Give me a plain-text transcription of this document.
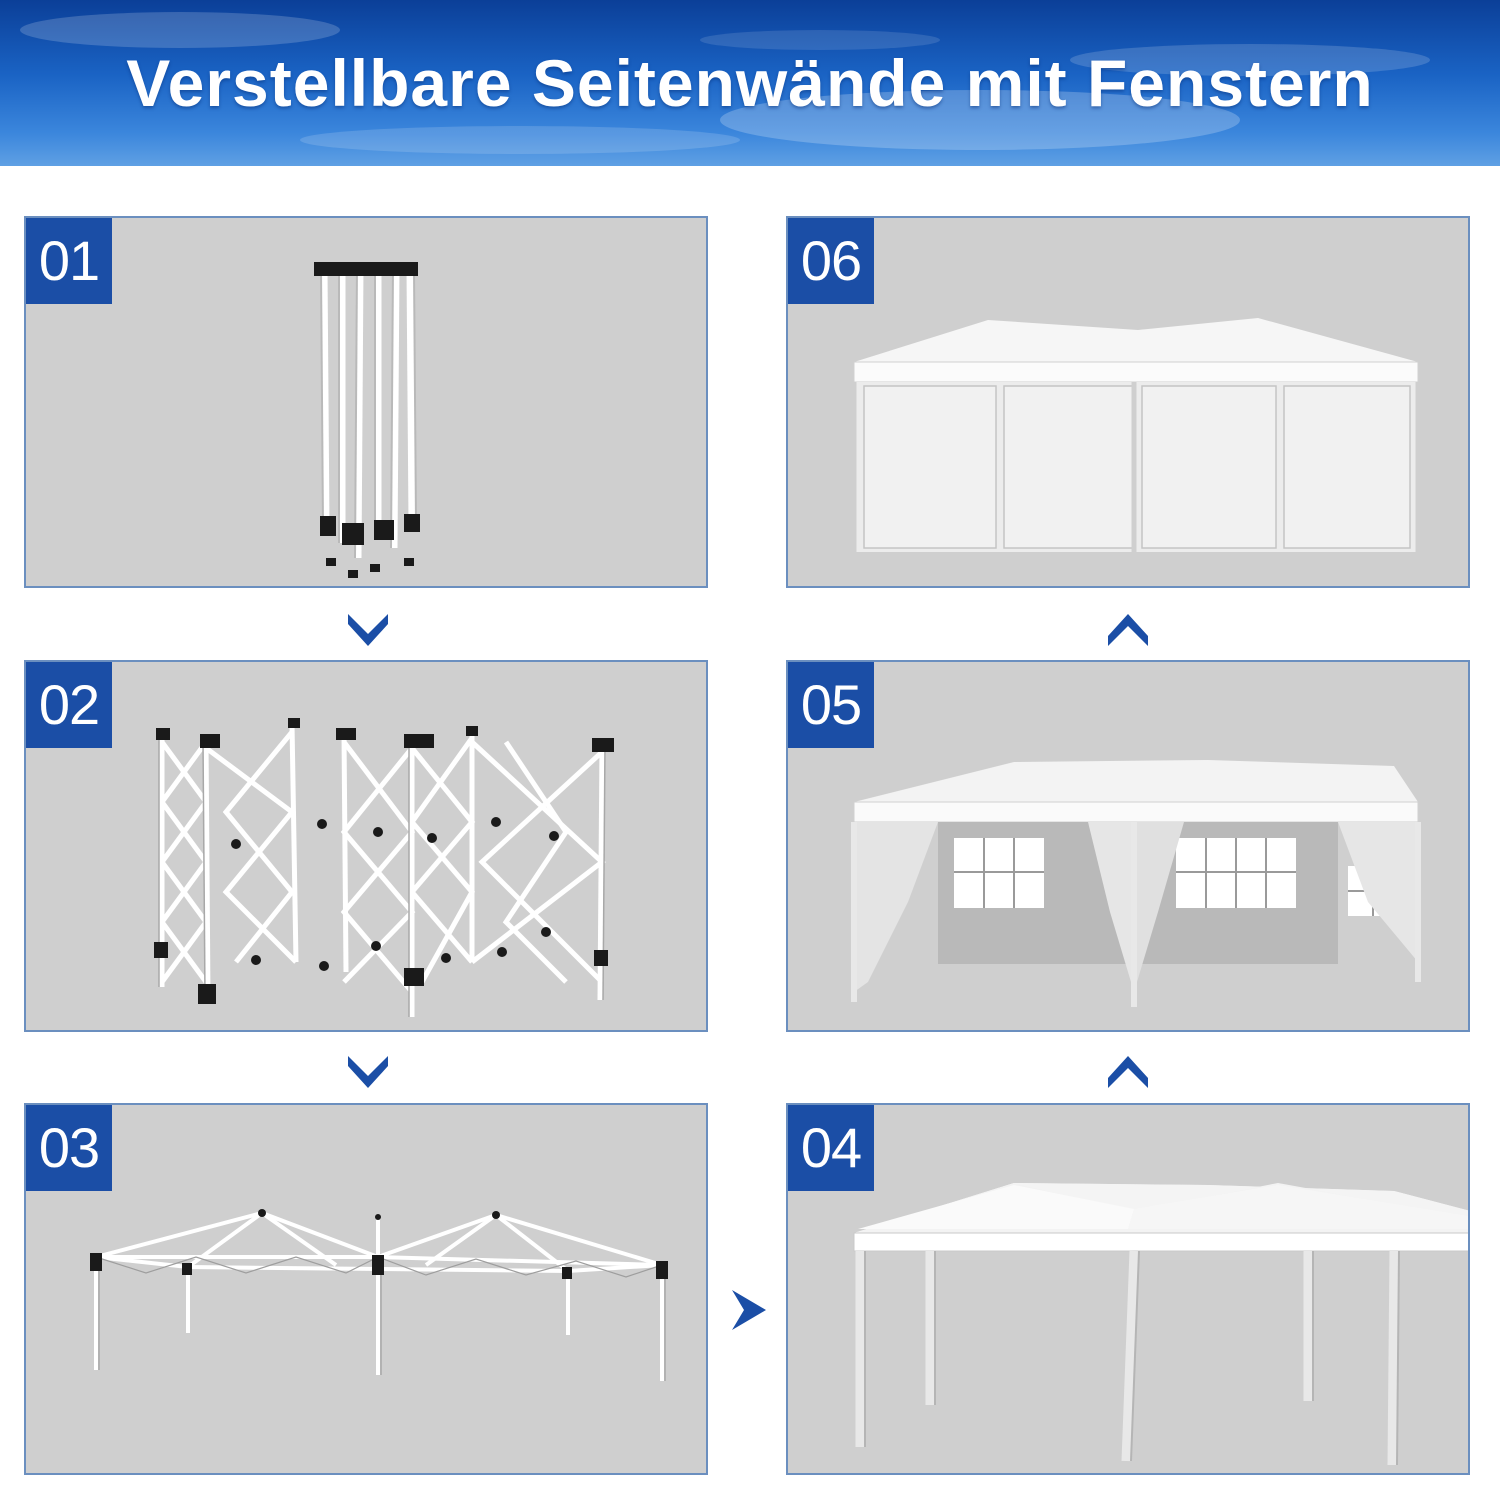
Verstellbare Seitenwände mit Fenstern
01
02
03	04
05
06
